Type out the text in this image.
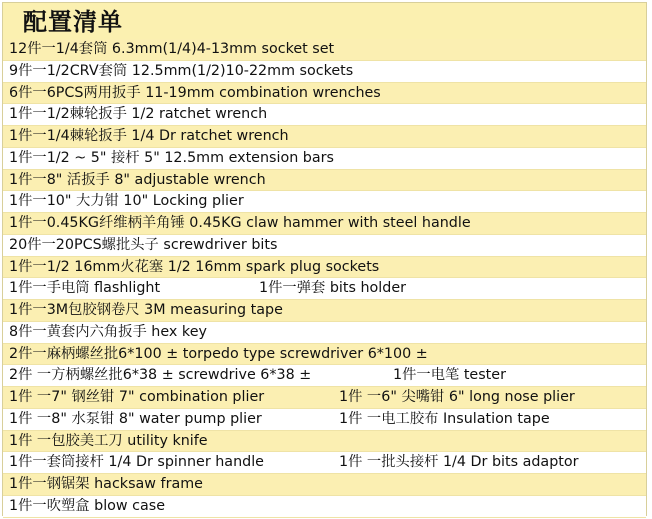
配置清单
12件一1/4套筒 6.3mm(1/4)4-13mm socket set
9件一1/2CRV套筒 12.5mm(1/2)10-22mm sockets
6件一6PCS两用扳手 11-19mm combination wrenches
1件一1/2棘轮扳手 1/2 ratchet wrench
1件一1/4棘轮扳手 1/4 Dr ratchet wrench
1件一1/2 ~ 5" 接杆 5" 12.5mm extension bars
1件一8" 活扳手 8" adjustable wrench
1件一10" 大力钳 10" Locking plier
1件一0.45KG纤维柄羊角锤 0.45KG claw hammer with steel handle
20件一20PCS螺批头子 screwdriver bits
1件一1/2 16mm火花塞 1/2 16mm spark plug sockets
1件一手电筒 flashlight	1件一弹套 bits holder
1件一3M包胶钢卷尺 3M measuring tape
8件一黄套内六角扳手 hex key
2件一麻柄螺丝批6*100 ± torpedo type screwdriver 6*100 ±
2件 一方柄螺丝批6*38 ± screwdrive 6*38 ±	1件一电笔 tester
1件 一7" 钢丝钳 7" combination plier	1件 一6" 尖嘴钳 6" long nose plier
1件 一8" 水泵钳 8" water pump plier	1件 一电工胶布 Insulation tape
1件 一包胶美工刀 utility knife
1件一套筒接杆 1/4 Dr spinner handle	1件 一批头接杆 1/4 Dr bits adaptor
1件一钢锯架 hacksaw frame
1件一吹塑盒 blow case
